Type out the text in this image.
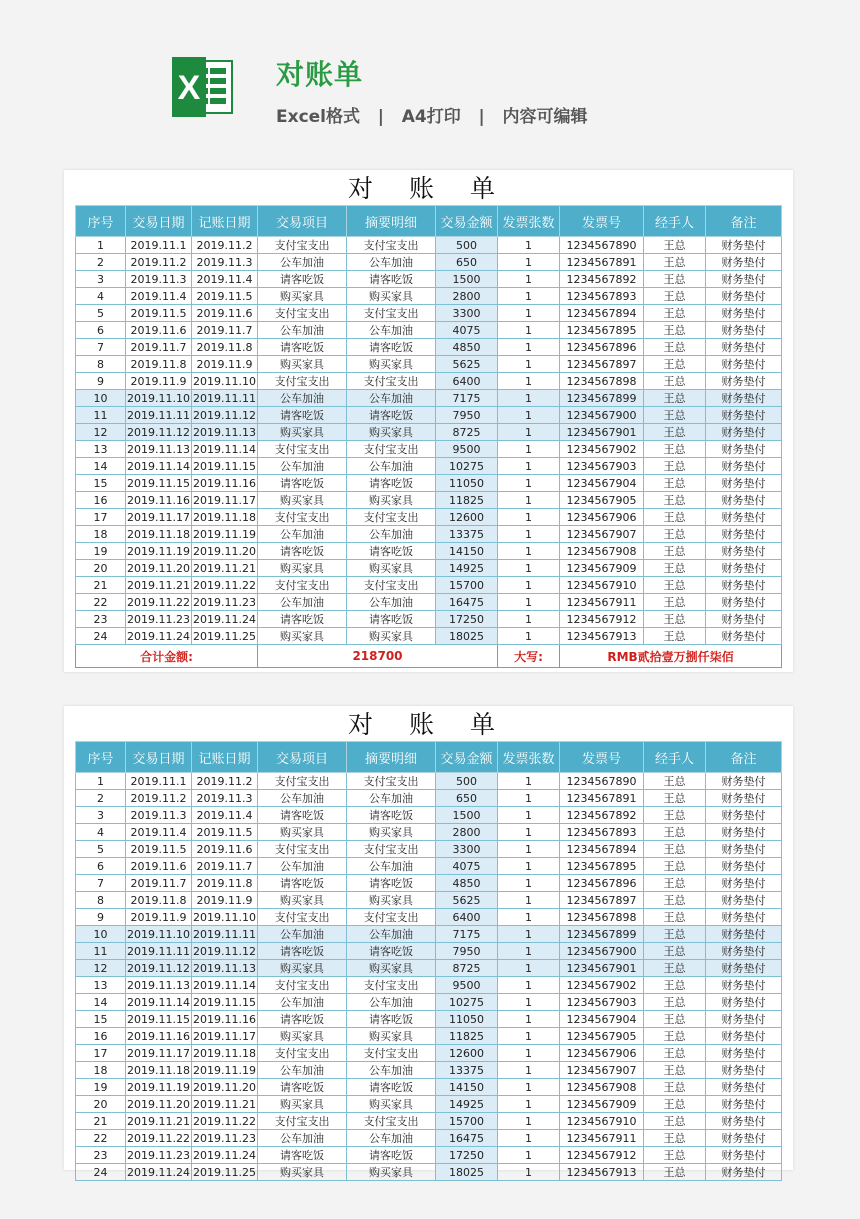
X	对账单
Excel格式 | A4打印 | 内容可编辑
对 账 单
序号	交易日期	记账日期	交易项目	摘要明细	交易金额	发票张数	发票号	经手人	备注
1	2019.11.1	2019.11.2	支付宝支出	支付宝支出	500	1	1234567890	王总	财务垫付
2	2019.11.2	2019.11.3	公车加油	公车加油	650	1	1234567891	王总	财务垫付
3	2019.11.3	2019.11.4	请客吃饭	请客吃饭	1500	1	1234567892	王总	财务垫付
4	2019.11.4	2019.11.5	购买家具	购买家具	2800	1	1234567893	王总	财务垫付
5	2019.11.5	2019.11.6	支付宝支出	支付宝支出	3300	1	1234567894	王总	财务垫付
6	2019.11.6	2019.11.7	公车加油	公车加油	4075	1	1234567895	王总	财务垫付
7	2019.11.7	2019.11.8	请客吃饭	请客吃饭	4850	1	1234567896	王总	财务垫付
8	2019.11.8	2019.11.9	购买家具	购买家具	5625	1	1234567897	王总	财务垫付
9	2019.11.9	2019.11.10	支付宝支出	支付宝支出	6400	1	1234567898	王总	财务垫付
10	2019.11.10	2019.11.11	公车加油	公车加油	7175	1	1234567899	王总	财务垫付
11	2019.11.11	2019.11.12	请客吃饭	请客吃饭	7950	1	1234567900	王总	财务垫付
12	2019.11.12	2019.11.13	购买家具	购买家具	8725	1	1234567901	王总	财务垫付
13	2019.11.13	2019.11.14	支付宝支出	支付宝支出	9500	1	1234567902	王总	财务垫付
14	2019.11.14	2019.11.15	公车加油	公车加油	10275	1	1234567903	王总	财务垫付
15	2019.11.15	2019.11.16	请客吃饭	请客吃饭	11050	1	1234567904	王总	财务垫付
16	2019.11.16	2019.11.17	购买家具	购买家具	11825	1	1234567905	王总	财务垫付
17	2019.11.17	2019.11.18	支付宝支出	支付宝支出	12600	1	1234567906	王总	财务垫付
18	2019.11.18	2019.11.19	公车加油	公车加油	13375	1	1234567907	王总	财务垫付
19	2019.11.19	2019.11.20	请客吃饭	请客吃饭	14150	1	1234567908	王总	财务垫付
20	2019.11.20	2019.11.21	购买家具	购买家具	14925	1	1234567909	王总	财务垫付
21	2019.11.21	2019.11.22	支付宝支出	支付宝支出	15700	1	1234567910	王总	财务垫付
22	2019.11.22	2019.11.23	公车加油	公车加油	16475	1	1234567911	王总	财务垫付
23	2019.11.23	2019.11.24	请客吃饭	请客吃饭	17250	1	1234567912	王总	财务垫付
24	2019.11.24	2019.11.25	购买家具	购买家具	18025	1	1234567913	王总	财务垫付
合计金额:			218700			大写:	RMB贰拾壹万捌仟柒佰		
对 账 单
序号	交易日期	记账日期	交易项目	摘要明细	交易金额	发票张数	发票号	经手人	备注
1	2019.11.1	2019.11.2	支付宝支出	支付宝支出	500	1	1234567890	王总	财务垫付
2	2019.11.2	2019.11.3	公车加油	公车加油	650	1	1234567891	王总	财务垫付
3	2019.11.3	2019.11.4	请客吃饭	请客吃饭	1500	1	1234567892	王总	财务垫付
4	2019.11.4	2019.11.5	购买家具	购买家具	2800	1	1234567893	王总	财务垫付
5	2019.11.5	2019.11.6	支付宝支出	支付宝支出	3300	1	1234567894	王总	财务垫付
6	2019.11.6	2019.11.7	公车加油	公车加油	4075	1	1234567895	王总	财务垫付
7	2019.11.7	2019.11.8	请客吃饭	请客吃饭	4850	1	1234567896	王总	财务垫付
8	2019.11.8	2019.11.9	购买家具	购买家具	5625	1	1234567897	王总	财务垫付
9	2019.11.9	2019.11.10	支付宝支出	支付宝支出	6400	1	1234567898	王总	财务垫付
10	2019.11.10	2019.11.11	公车加油	公车加油	7175	1	1234567899	王总	财务垫付
11	2019.11.11	2019.11.12	请客吃饭	请客吃饭	7950	1	1234567900	王总	财务垫付
12	2019.11.12	2019.11.13	购买家具	购买家具	8725	1	1234567901	王总	财务垫付
13	2019.11.13	2019.11.14	支付宝支出	支付宝支出	9500	1	1234567902	王总	财务垫付
14	2019.11.14	2019.11.15	公车加油	公车加油	10275	1	1234567903	王总	财务垫付
15	2019.11.15	2019.11.16	请客吃饭	请客吃饭	11050	1	1234567904	王总	财务垫付
16	2019.11.16	2019.11.17	购买家具	购买家具	11825	1	1234567905	王总	财务垫付
17	2019.11.17	2019.11.18	支付宝支出	支付宝支出	12600	1	1234567906	王总	财务垫付
18	2019.11.18	2019.11.19	公车加油	公车加油	13375	1	1234567907	王总	财务垫付
19	2019.11.19	2019.11.20	请客吃饭	请客吃饭	14150	1	1234567908	王总	财务垫付
20	2019.11.20	2019.11.21	购买家具	购买家具	14925	1	1234567909	王总	财务垫付
21	2019.11.21	2019.11.22	支付宝支出	支付宝支出	15700	1	1234567910	王总	财务垫付
22	2019.11.22	2019.11.23	公车加油	公车加油	16475	1	1234567911	王总	财务垫付
23	2019.11.23	2019.11.24	请客吃饭	请客吃饭	17250	1	1234567912	王总	财务垫付
24	2019.11.24	2019.11.25	购买家具	购买家具	18025	1	1234567913	王总	财务垫付
